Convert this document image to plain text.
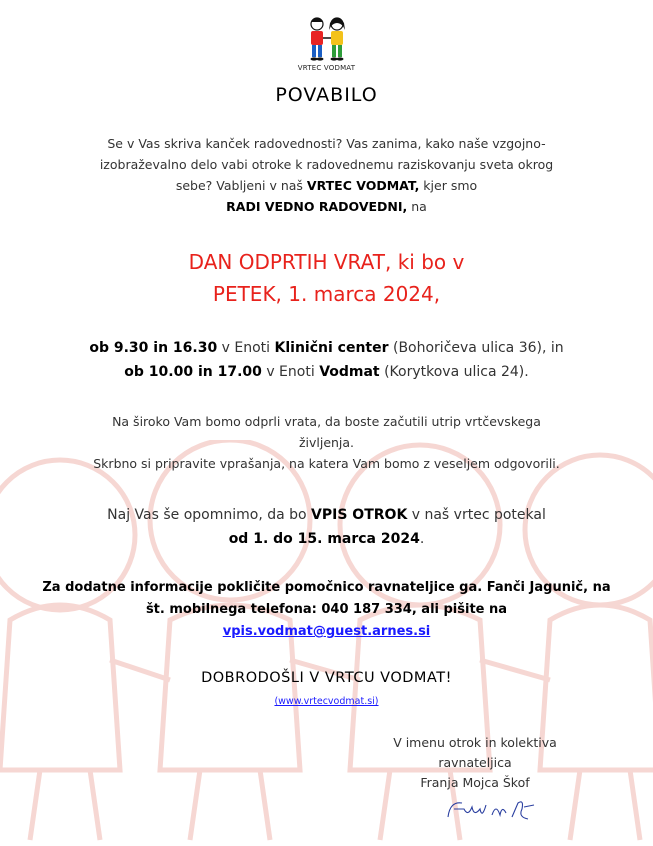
VRTEC VODMAT
POVABILO
Se v Vas skriva kanček radovednosti? Vas zanima, kako naše vzgojno-
izobraževalno delo vabi otroke k radovednemu raziskovanju sveta okrog
sebe? Vabljeni v naš VRTEC VODMAT, kjer smo
RADI VEDNO RADOVEDNI, na
DAN ODPRTIH VRAT, ki bo v
PETEK, 1. marca 2024,
ob 9.30 in 16.30 v Enoti Klinični center (Bohoričeva ulica 36), in
ob 10.00 in 17.00 v Enoti Vodmat (Korytkova ulica 24).
Na široko Vam bomo odprli vrata, da boste začutili utrip vrtčevskega
življenja.
Skrbno si pripravite vprašanja, na katera Vam bomo z veseljem odgovorili.
Naj Vas še opomnimo, da bo VPIS OTROK v naš vrtec potekal
od 1. do 15. marca 2024.
Za dodatne informacije pokličite pomočnico ravnateljice ga. Fanči Jagunič, na
št. mobilnega telefona: 040 187 334, ali pišite na
vpis.vodmat@guest.arnes.si
DOBRODOŠLI V VRTCU VODMAT!
(www.vrtecvodmat.si)
V imenu otrok in kolektiva
ravnateljica
Franja Mojca Škof
